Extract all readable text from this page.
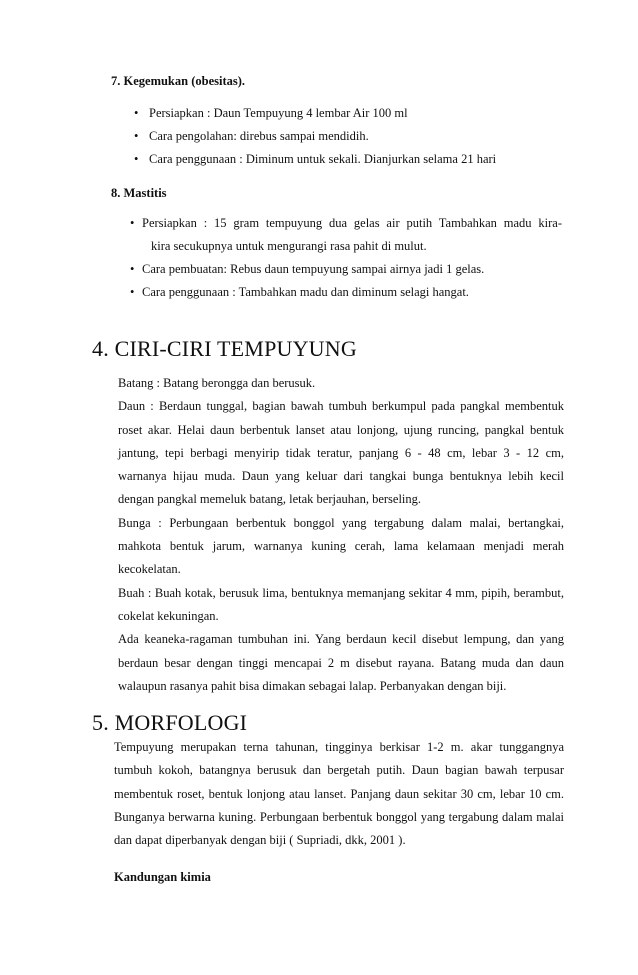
7. Kegemukan (obesitas).
• Persiapkan : Daun Tempuyung 4 lembar Air 100 ml
• Cara pengolahan: direbus sampai mendidih.
• Cara penggunaan : Diminum untuk sekali. Dianjurkan selama 21 hari
8. Mastitis
• Persiapkan : 15 gram tempuyung dua gelas air putih Tambahkan madu kira-
kira secukupnya untuk mengurangi rasa pahit di mulut.
• Cara pembuatan: Rebus daun tempuyung sampai airnya jadi 1 gelas.
• Cara penggunaan : Tambahkan madu dan diminum selagi hangat.
4. CIRI-CIRI TEMPUYUNG

Batang : Batang berongga dan berusuk.

Daun : Berdaun tunggal, bagian bawah tumbuh berkumpul pada pangkal membentuk roset akar. Helai daun berbentuk lanset atau lonjong, ujung runcing, pangkal bentuk jantung, tepi berbagi menyirip tidak teratur, panjang 6 - 48 cm, lebar 3 - 12 cm, warnanya hijau muda. Daun yang keluar dari tangkai bunga bentuknya lebih kecil dengan pangkal memeluk batang, letak berjauhan, berseling.

Bunga : Perbungaan berbentuk bonggol yang tergabung dalam malai, bertangkai, mahkota bentuk jarum, warnanya kuning cerah, lama kelamaan menjadi merah kecokelatan.

Buah : Buah kotak, berusuk lima, bentuknya memanjang sekitar 4 mm, pipih, berambut, cokelat kekuningan.

Ada keaneka-ragaman tumbuhan ini. Yang berdaun kecil disebut lempung, dan yang berdaun besar dengan tinggi mencapai 2 m disebut rayana. Batang muda dan daun walaupun rasanya pahit bisa dimakan sebagai lalap. Perbanyakan dengan biji.

5. MORFOLOGI

Tempuyung merupakan terna tahunan, tingginya berkisar 1-2 m. akar tunggangnya tumbuh kokoh, batangnya berusuk dan bergetah putih. Daun bagian bawah terpusar membentuk roset, bentuk lonjong atau lanset. Panjang daun sekitar 30 cm, lebar 10 cm. Bunganya berwarna kuning. Perbungaan berbentuk bonggol yang tergabung dalam malai dan dapat diperbanyak dengan biji ( Supriadi, dkk, 2001 ).

Kandungan kimia
